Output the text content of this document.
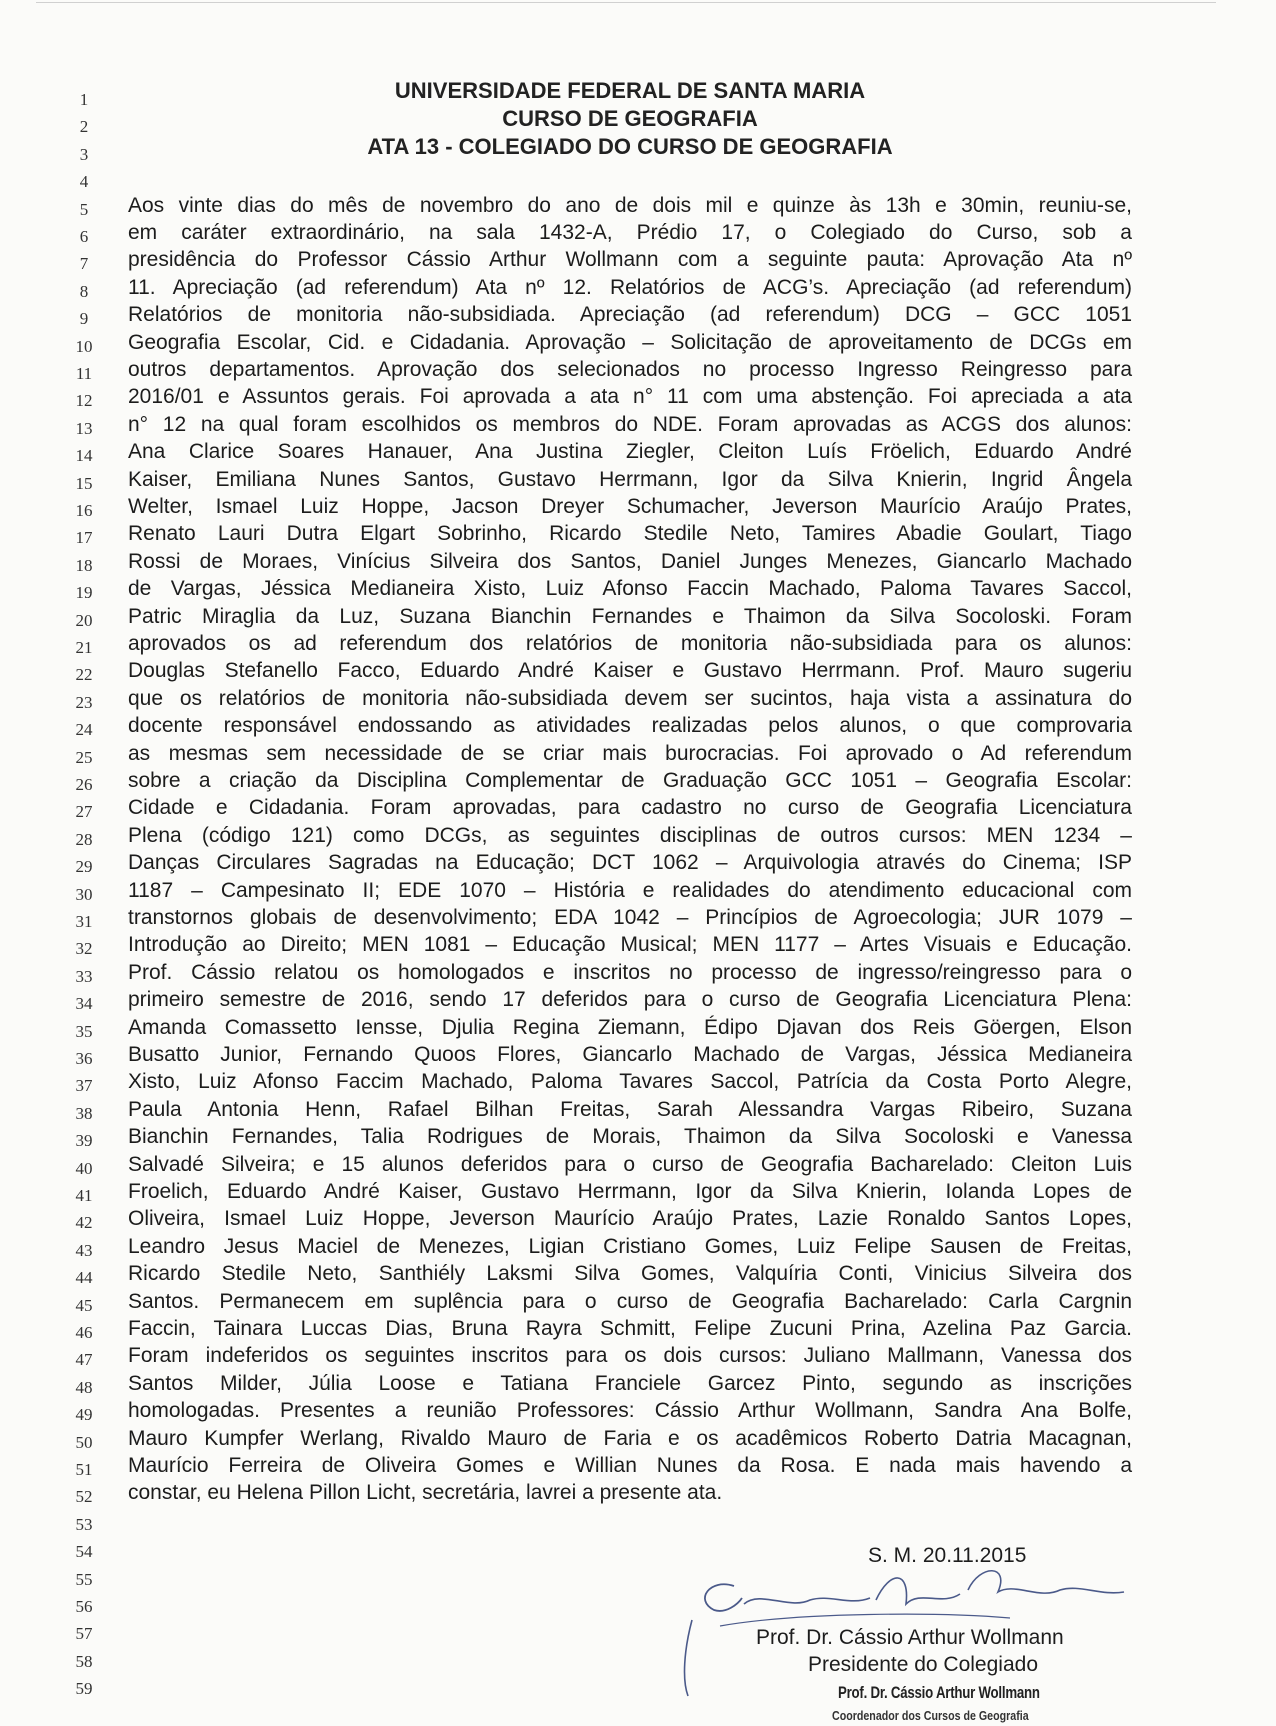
1
2
3
4
5
6
7
8
9
10
11
12
13
14
15
16
17
18
19
20
21
22
23
24
25
26
27
28
29
30
31
32
33
34
35
36
37
38
39
40
41
42
43
44
45
46
47
48
49
50
51
52
53
54
55
56
57
58
59
UNIVERSIDADE FEDERAL DE SANTA MARIA
CURSO DE GEOGRAFIA
ATA 13 - COLEGIADO DO CURSO DE GEOGRAFIA
Aos vinte dias do mês de novembro do ano de dois mil e quinze às 13h e 30min, reuniu-se,
em caráter extraordinário, na sala 1432-A, Prédio 17, o Colegiado do Curso, sob a
presidência do Professor Cássio Arthur Wollmann com a seguinte pauta: Aprovação Ata nº
11. Apreciação (ad referendum) Ata nº 12. Relatórios de ACG’s. Apreciação (ad referendum)
Relatórios de monitoria não-subsidiada. Apreciação (ad referendum) DCG – GCC 1051
Geografia Escolar, Cid. e Cidadania. Aprovação – Solicitação de aproveitamento de DCGs em
outros departamentos. Aprovação dos selecionados no processo Ingresso Reingresso para
2016/01 e Assuntos gerais. Foi aprovada a ata n° 11 com uma abstenção. Foi apreciada a ata
n° 12 na qual foram escolhidos os membros do NDE. Foram aprovadas as ACGS dos alunos:
Ana Clarice Soares Hanauer, Ana Justina Ziegler, Cleiton Luís Fröelich, Eduardo André
Kaiser, Emiliana Nunes Santos, Gustavo Herrmann, Igor da Silva Knierin, Ingrid Ângela
Welter, Ismael Luiz Hoppe, Jacson Dreyer Schumacher, Jeverson Maurício Araújo Prates,
Renato Lauri Dutra Elgart Sobrinho, Ricardo Stedile Neto, Tamires Abadie Goulart, Tiago
Rossi de Moraes, Vinícius Silveira dos Santos, Daniel Junges Menezes, Giancarlo Machado
de Vargas, Jéssica Medianeira Xisto, Luiz Afonso Faccin Machado, Paloma Tavares Saccol,
Patric Miraglia da Luz, Suzana Bianchin Fernandes e Thaimon da Silva Socoloski. Foram
aprovados os ad referendum dos relatórios de monitoria não-subsidiada para os alunos:
Douglas Stefanello Facco, Eduardo André Kaiser e Gustavo Herrmann. Prof. Mauro sugeriu
que os relatórios de monitoria não-subsidiada devem ser sucintos, haja vista a assinatura do
docente responsável endossando as atividades realizadas pelos alunos, o que comprovaria
as mesmas sem necessidade de se criar mais burocracias. Foi aprovado o Ad referendum
sobre a criação da Disciplina Complementar de Graduação GCC 1051 – Geografia Escolar:
Cidade e Cidadania. Foram aprovadas, para cadastro no curso de Geografia Licenciatura
Plena (código 121) como DCGs, as seguintes disciplinas de outros cursos: MEN 1234 –
Danças Circulares Sagradas na Educação; DCT 1062 – Arquivologia através do Cinema; ISP
1187 – Campesinato II; EDE 1070 – História e realidades do atendimento educacional com
transtornos globais de desenvolvimento; EDA 1042 – Princípios de Agroecologia; JUR 1079 –
Introdução ao Direito; MEN 1081 – Educação Musical; MEN 1177 – Artes Visuais e Educação.
Prof. Cássio relatou os homologados e inscritos no processo de ingresso/reingresso para o
primeiro semestre de 2016, sendo 17 deferidos para o curso de Geografia Licenciatura Plena:
Amanda Comassetto Iensse, Djulia Regina Ziemann, Édipo Djavan dos Reis Göergen, Elson
Busatto Junior, Fernando Quoos Flores, Giancarlo Machado de Vargas, Jéssica Medianeira
Xisto, Luiz Afonso Faccim Machado, Paloma Tavares Saccol, Patrícia da Costa Porto Alegre,
Paula Antonia Henn, Rafael Bilhan Freitas, Sarah Alessandra Vargas Ribeiro, Suzana
Bianchin Fernandes, Talia Rodrigues de Morais, Thaimon da Silva Socoloski e Vanessa
Salvadé Silveira; e 15 alunos deferidos para o curso de Geografia Bacharelado: Cleiton Luis
Froelich, Eduardo André Kaiser, Gustavo Herrmann, Igor da Silva Knierin, Iolanda Lopes de
Oliveira, Ismael Luiz Hoppe, Jeverson Maurício Araújo Prates, Lazie Ronaldo Santos Lopes,
Leandro Jesus Maciel de Menezes, Ligian Cristiano Gomes, Luiz Felipe Sausen de Freitas,
Ricardo Stedile Neto, Santhiély Laksmi Silva Gomes, Valquíria Conti, Vinicius Silveira dos
Santos. Permanecem em suplência para o curso de Geografia Bacharelado: Carla Cargnin
Faccin, Tainara Luccas Dias, Bruna Rayra Schmitt, Felipe Zucuni Prina, Azelina Paz Garcia.
Foram indeferidos os seguintes inscritos para os dois cursos: Juliano Mallmann, Vanessa dos
Santos Milder, Júlia Loose e Tatiana Franciele Garcez Pinto, segundo as inscrições
homologadas. Presentes a reunião Professores: Cássio Arthur Wollmann, Sandra Ana Bolfe,
Mauro Kumpfer Werlang, Rivaldo Mauro de Faria e os acadêmicos Roberto Datria Macagnan,
Maurício Ferreira de Oliveira Gomes e Willian Nunes da Rosa. E nada mais havendo a
constar, eu Helena Pillon Licht, secretária, lavrei a presente ata.
S. M. 20.11.2015
Prof. Dr. Cássio Arthur Wollmann
Presidente do Colegiado
Prof. Dr. Cássio Arthur Wollmann
Coordenador dos Cursos de Geografia
